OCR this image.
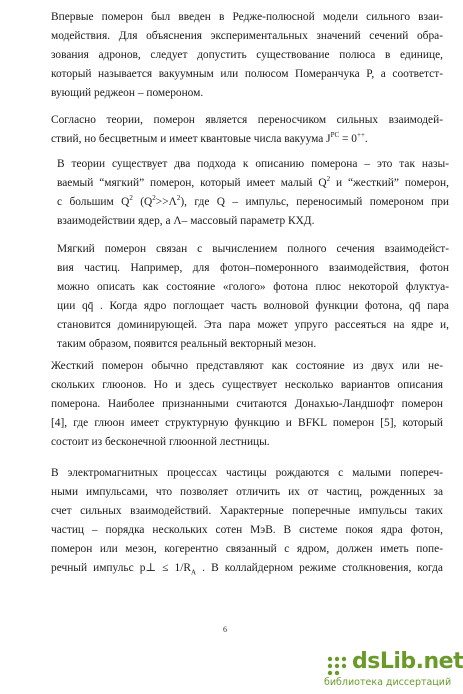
Впервые померон был введен в Редже-полюсной модели сильного взаи-
модействия. Для объяснения экспериментальных значений сечений обра-
зования адронов, следует допустить существование полюса в единице,
который называется вакуумным или полюсом Померанчука P, а соответст-
вующий реджеон – помероном.

Согласно теории, померон является переносчиком сильных взаимодей-
ствий, но бесцветным и имеет квантовые числа вакуума $J^{PC} = 0^{++}$.

В теории существует два подхода к описанию померона – это так назы-
ваемый “мягкий” померон, который имеет малый $Q^2$ и “жесткий” померон,
с большим $Q^2$ $(Q^2>>\Lambda^2)$, где Q – импульс, переносимый помероном при
взаимодействии ядер, а Λ– массовый параметр КХД.

Мягкий померон связан с вычислением полного сечения взаимодейст-
вия частиц. Например, для фотон–померонного взаимодействия, фотон
можно описать как состояние «голого» фотона плюс некоторой флуктуа-
ции qq̄ . Когда ядро поглощает часть волновой функции фотона, qq̄ пара
становится доминирующей. Эта пара может упруго рассеяться на ядре и,
таким образом, появится реальный векторный мезон.

Жесткий померон обычно представляют как состояние из двух или не-
скольких глюонов. Но и здесь существует несколько вариантов описания
померона. Наиболее признанными считаются Донахью-Ландшофт померон
[4], где глюон имеет структурную функцию и BFKL померон [5], который
состоит из бесконечной глюонной лестницы.

В электромагнитных процессах частицы рождаются с малыми попереч-
ными импульсами, что позволяет отличить их от частиц, рожденных за
счет сильных взаимодействий. Характерные поперечные импульсы таких
частиц – порядка нескольких сотен МэВ. В системе покоя ядра фотон,
померон или мезон, когерентно связанный с ядром, должен иметь попе-
речный импульс p⊥ ≤ $1/R_A$ . В коллайдерном режиме столкновения, когда

6
dsLib.net
библиотека диссертаций
